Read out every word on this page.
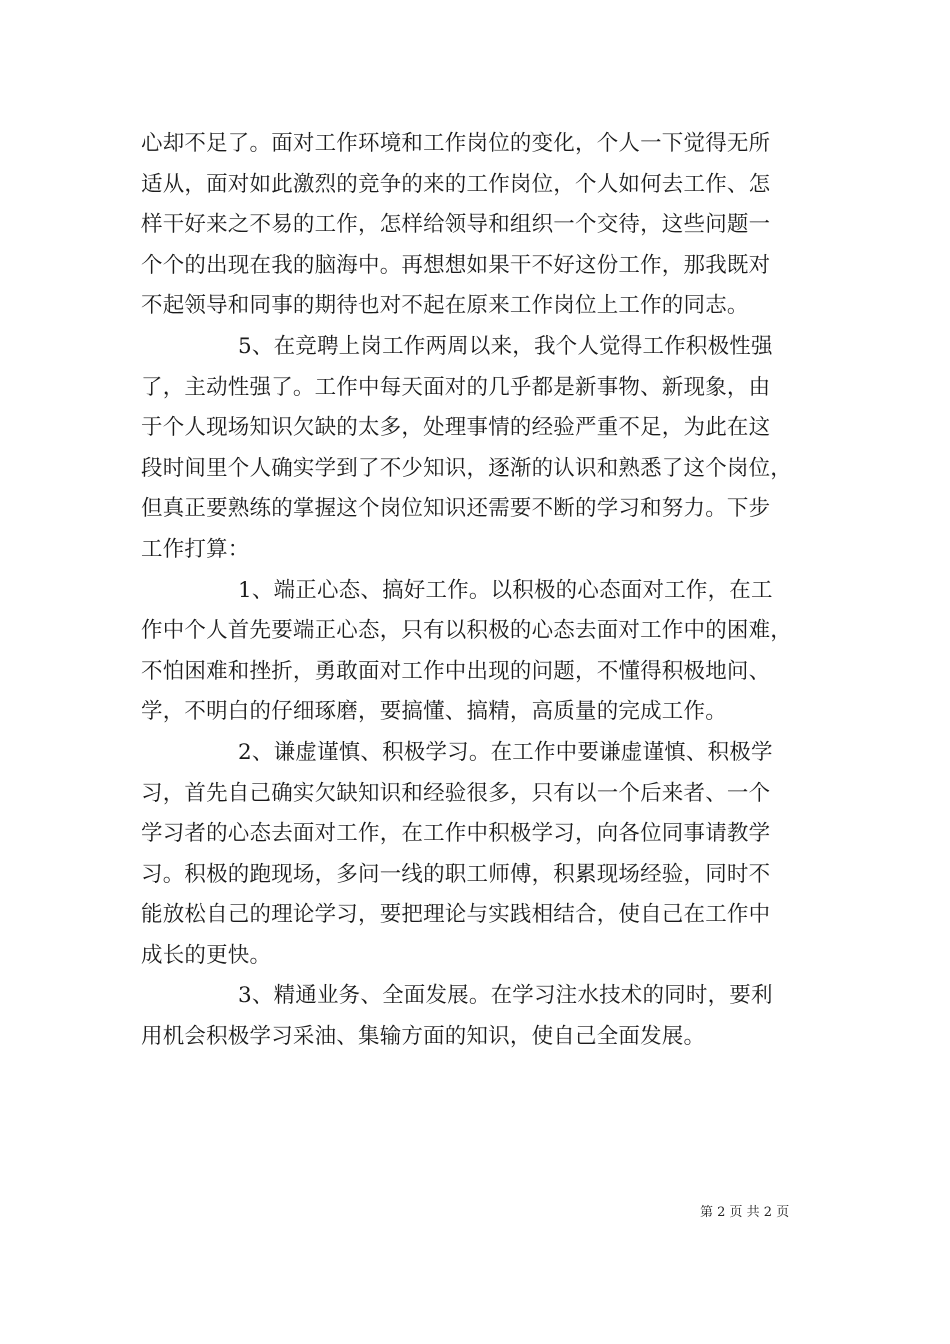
心却不足了。面对工作环境和工作岗位的变化，个人一下觉得无所
适从，面对如此激烈的竞争的来的工作岗位，个人如何去工作、怎
样干好来之不易的工作，怎样给领导和组织一个交待，这些问题一
个个的出现在我的脑海中。再想想如果干不好这份工作，那我既对
不起领导和同事的期待也对不起在原来工作岗位上工作的同志。
5、在竞聘上岗工作两周以来，我个人觉得工作积极性强
了，主动性强了。工作中每天面对的几乎都是新事物、新现象，由
于个人现场知识欠缺的太多，处理事情的经验严重不足，为此在这
段时间里个人确实学到了不少知识，逐渐的认识和熟悉了这个岗位，
但真正要熟练的掌握这个岗位知识还需要不断的学习和努力。下步
工作打算：
1、端正心态、搞好工作。以积极的心态面对工作，在工
作中个人首先要端正心态，只有以积极的心态去面对工作中的困难，
不怕困难和挫折，勇敢面对工作中出现的问题，不懂得积极地问、
学，不明白的仔细琢磨，要搞懂、搞精，高质量的完成工作。
2、谦虚谨慎、积极学习。在工作中要谦虚谨慎、积极学
习，首先自己确实欠缺知识和经验很多，只有以一个后来者、一个
学习者的心态去面对工作，在工作中积极学习，向各位同事请教学
习。积极的跑现场，多问一线的职工师傅，积累现场经验，同时不
能放松自己的理论学习，要把理论与实践相结合，使自己在工作中
成长的更快。
3、精通业务、全面发展。在学习注水技术的同时，要利
用机会积极学习采油、集输方面的知识，使自己全面发展。
第 2 页 共 2 页
